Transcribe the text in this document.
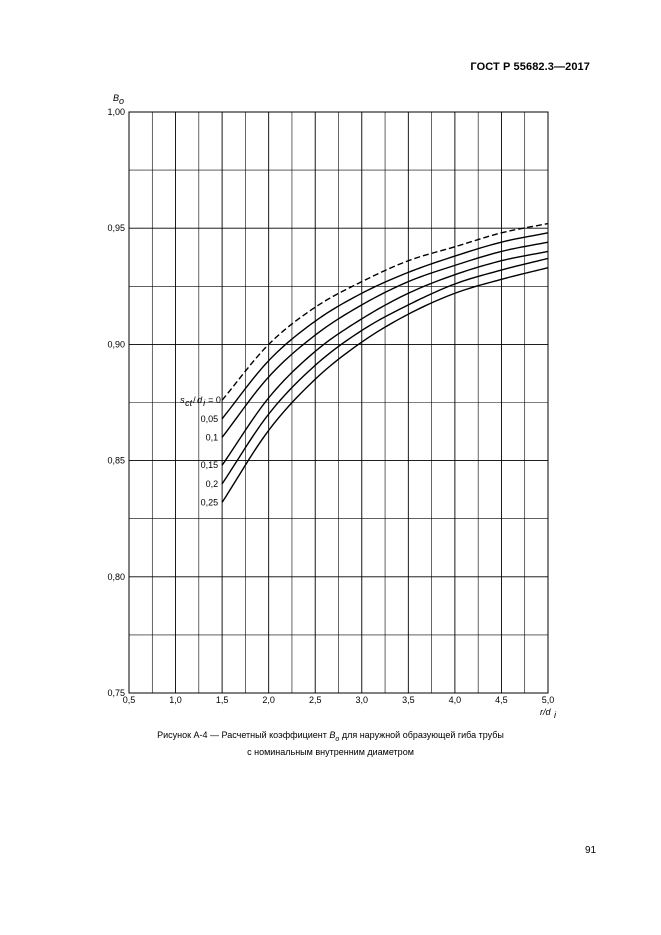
ГОСТ Р 55682.3—2017
0,75
0,80
0,85
0,90
0,95
1,00
0,5	1,0	1,5	2,0	2,5	3,0	3,5	4,0	4,5	5,0
B o
r/d i
0,05
0,1
0,15
0,2
0,25
s ct / d i = 0
Рисунок А-4 — Расчетный коэффициент $B_o$ для наружной образующей гиба трубы
с номинальным внутренним диаметром
91
